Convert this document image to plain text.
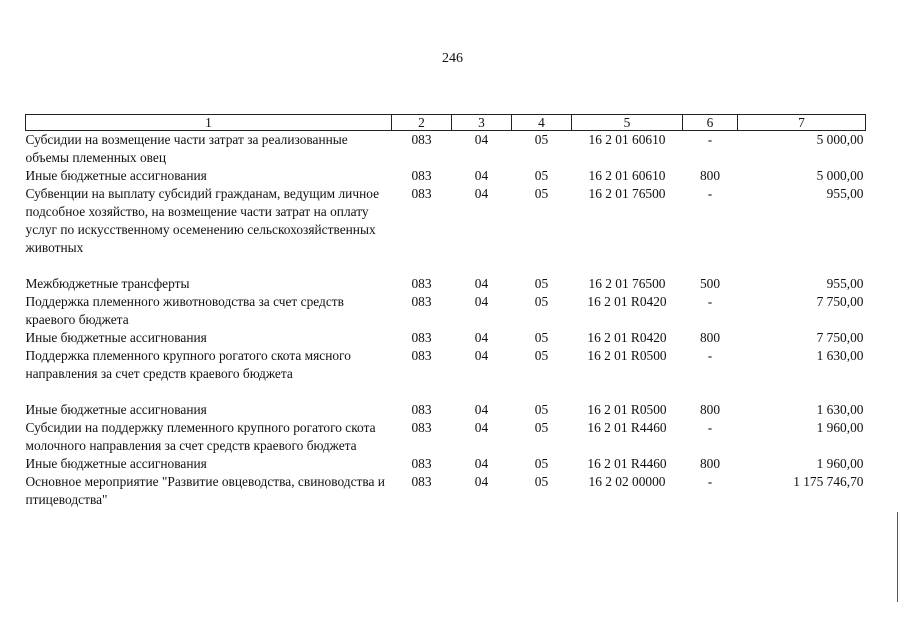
246
1	2	3	4	5	6	7
Субсидии на возмещение части затрат за реализованные объемы племенных овец	083	04	05	16 2 01 60610	-	5 000,00
Иные бюджетные ассигнования	083	04	05	16 2 01 60610	800	5 000,00
Субвенции на выплату субсидий гражданам, ведущим личное подсобное хозяйство, на возмещение части затрат на оплату услуг по искусственному осеменению сельскохозяйственных животных	083	04	05	16 2 01 76500	-	955,00

Межбюджетные трансферты	083	04	05	16 2 01 76500	500	955,00
Поддержка племенного животноводства за счет средств краевого бюджета	083	04	05	16 2 01 R0420	-	7 750,00
Иные бюджетные ассигнования	083	04	05	16 2 01 R0420	800	7 750,00
Поддержка племенного крупного рогатого скота мясного направления за счет средств краевого бюджета	083	04	05	16 2 01 R0500	-	1 630,00

Иные бюджетные ассигнования	083	04	05	16 2 01 R0500	800	1 630,00
Субсидии на поддержку племенного крупного рогатого скота молочного направления за счет средств краевого бюджета	083	04	05	16 2 01 R4460	-	1 960,00
Иные бюджетные ассигнования	083	04	05	16 2 01 R4460	800	1 960,00
Основное мероприятие "Развитие овцеводства, свиноводства и птицеводства"	083	04	05	16 2 02 00000	-	1 175 746,70
